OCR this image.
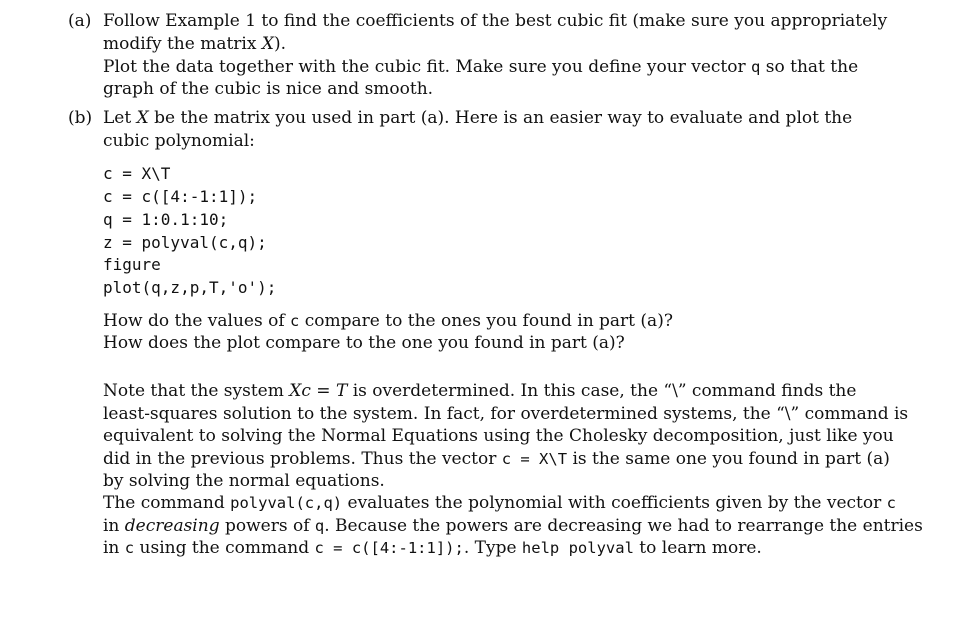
(a) Follow Example 1 to find the coefficients of the best cubic fit (make sure you appropriately
modify the matrix X).
Plot the data together with the cubic fit. Make sure you define your vector q so that the
graph of the cubic is nice and smooth.
(b) Let X be the matrix you used in part (a). Here is an easier way to evaluate and plot the
cubic polynomial:
c = X\T
c = c([4:-1:1]);
q = 1:0.1:10;
z = polyval(c,q);
figure
plot(q,z,p,T,'o');
How do the values of c compare to the ones you found in part (a)?
How does the plot compare to the one you found in part (a)?
Note that the system Xc = T is overdetermined. In this case, the “\” command finds the
least-squares solution to the system. In fact, for overdetermined systems, the “\” command is
equivalent to solving the Normal Equations using the Cholesky decomposition, just like you
did in the previous problems. Thus the vector c = X\T is the same one you found in part (a)
by solving the normal equations.
The command polyval(c,q) evaluates the polynomial with coefficients given by the vector c
in decreasing powers of q. Because the powers are decreasing we had to rearrange the entries
in c using the command c = c([4:-1:1]);. Type help polyval to learn more.
